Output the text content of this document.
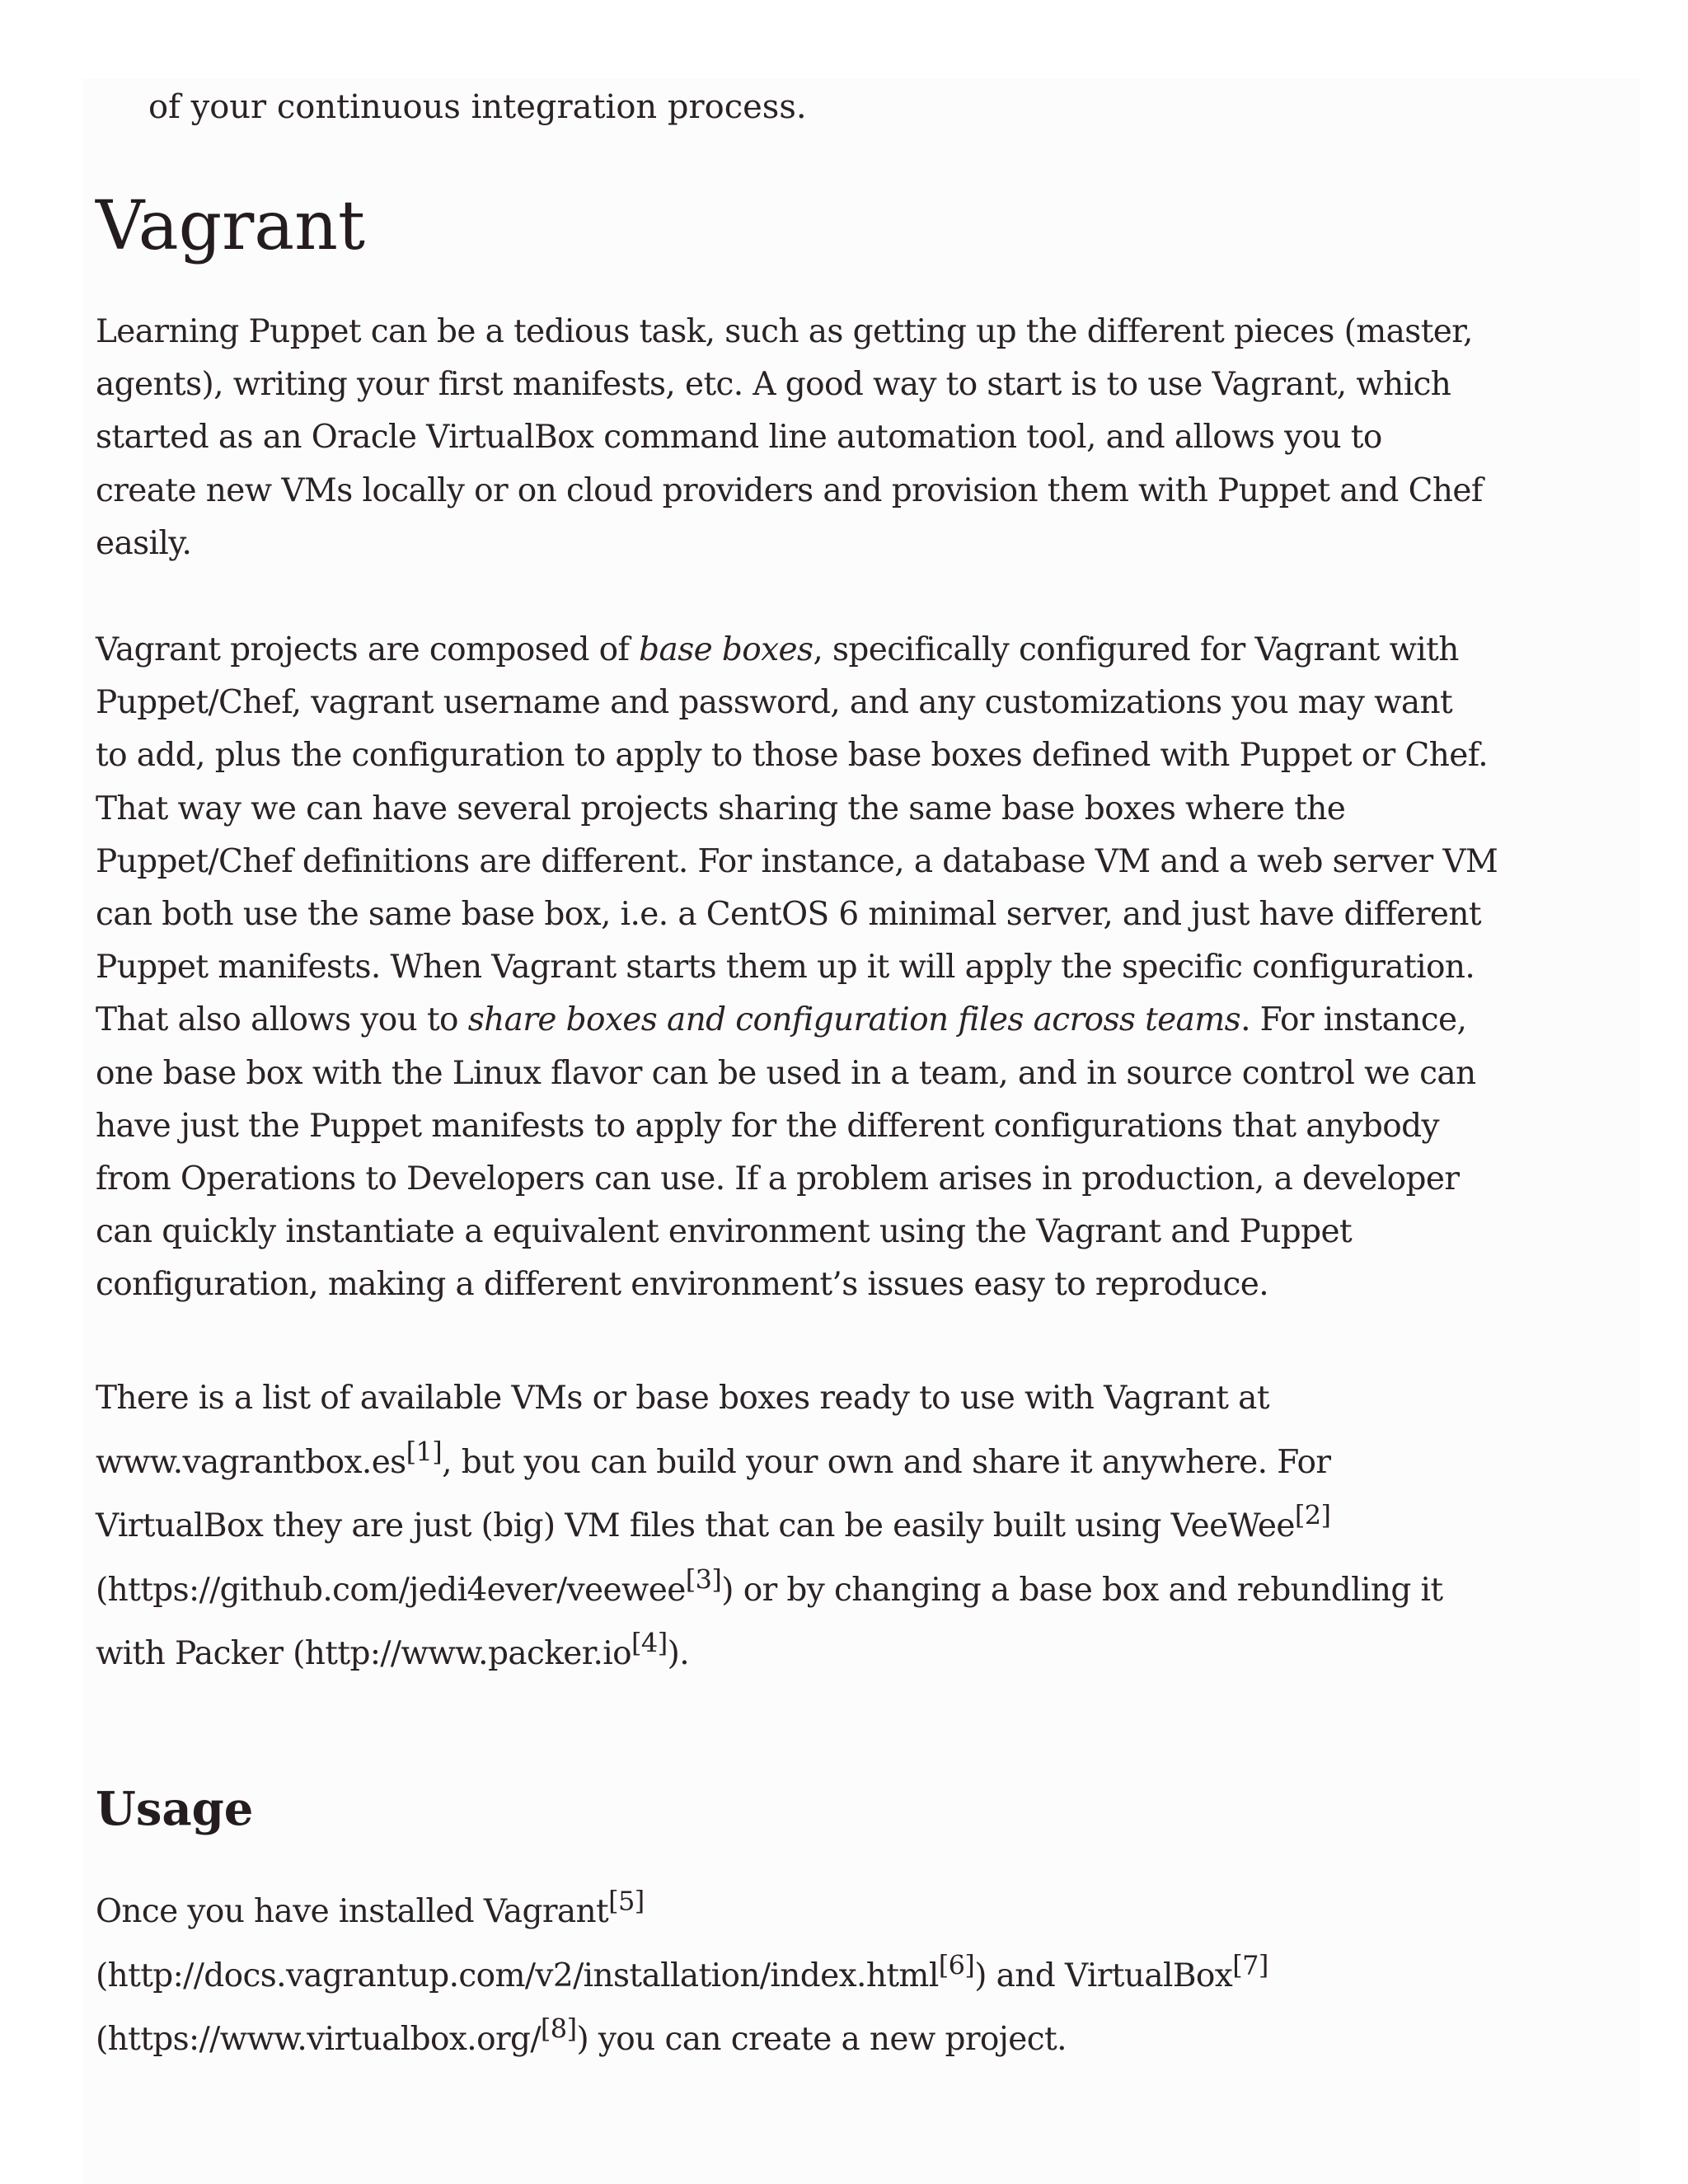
of your continuous integration process.

Vagrant

Learning Puppet can be a tedious task, such as getting up the different pieces (master,
agents), writing your first manifests, etc. A good way to start is to use Vagrant, which
started as an Oracle VirtualBox command line automation tool, and allows you to
create new VMs locally or on cloud providers and provision them with Puppet and Chef
easily.

Vagrant projects are composed of base boxes, specifically configured for Vagrant with
Puppet/Chef, vagrant username and password, and any customizations you may want
to add, plus the configuration to apply to those base boxes defined with Puppet or Chef.
That way we can have several projects sharing the same base boxes where the
Puppet/Chef definitions are different. For instance, a database VM and a web server VM
can both use the same base box, i.e. a CentOS 6 minimal server, and just have different
Puppet manifests. When Vagrant starts them up it will apply the specific configuration.
That also allows you to share boxes and configuration files across teams. For instance,
one base box with the Linux flavor can be used in a team, and in source control we can
have just the Puppet manifests to apply for the different configurations that anybody
from Operations to Developers can use. If a problem arises in production, a developer
can quickly instantiate a equivalent environment using the Vagrant and Puppet
configuration, making a different environment’s issues easy to reproduce.

There is a list of available VMs or base boxes ready to use with Vagrant at
www.vagrantbox.es[1], but you can build your own and share it anywhere. For
VirtualBox they are just (big) VM files that can be easily built using VeeWee[2]
(https://github.com/jedi4ever/veewee[3]) or by changing a base box and rebundling it
with Packer (http://www.packer.io[4]).

Usage

Once you have installed Vagrant[5]
(http://docs.vagrantup.com/v2/installation/index.html[6]) and VirtualBox[7]
(https://www.virtualbox.org/[8]) you can create a new project.
